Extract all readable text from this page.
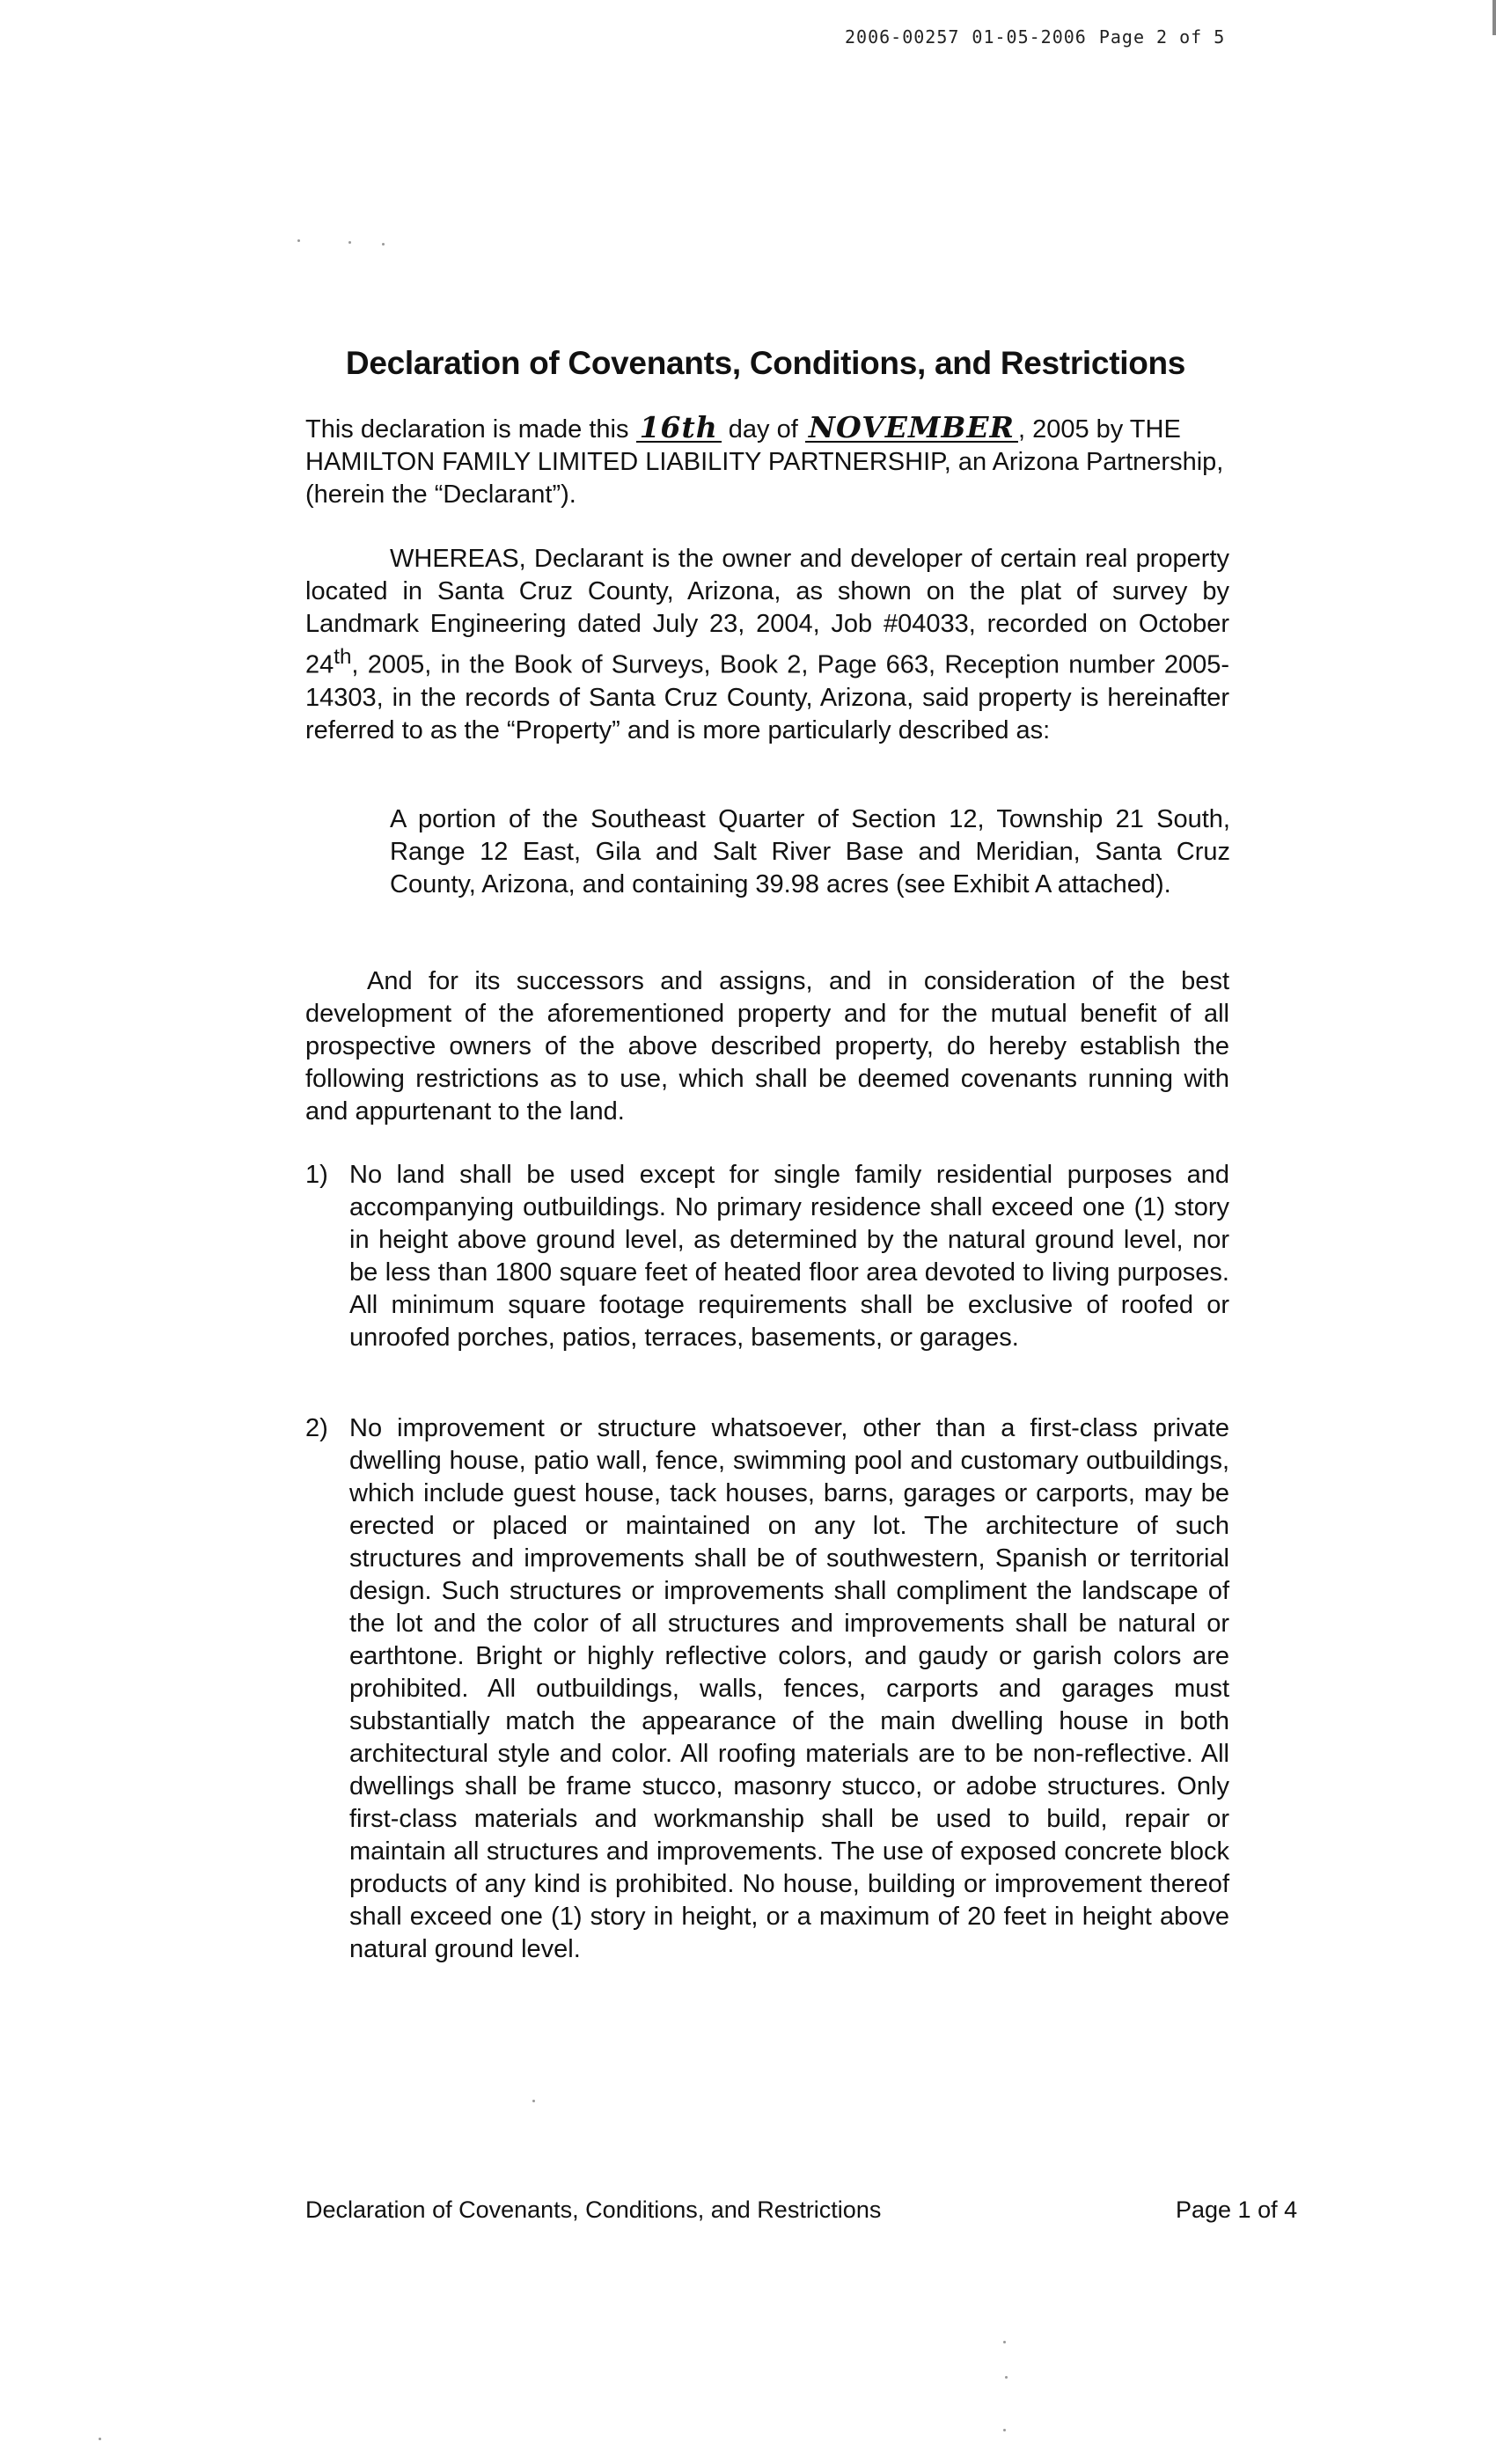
2006-00257 01-05-2006 Page 2 of 5
Declaration of Covenants, Conditions, and Restrictions

This declaration is made this 16th day of NOVEMBER , 2005 by THE HAMILTON FAMILY LIMITED LIABILITY PARTNERSHIP, an Arizona Partnership, (herein the “Declarant”).

WHEREAS, Declarant is the owner and developer of certain real property located in Santa Cruz County, Arizona, as shown on the plat of survey by Landmark Engineering dated July 23, 2004, Job #04033, recorded on October 24th, 2005, in the Book of Surveys, Book 2, Page 663, Reception number 2005-14303, in the records of Santa Cruz County, Arizona, said property is hereinafter referred to as the “Property” and is more particularly described as:

A portion of the Southeast Quarter of Section 12, Township 21 South, Range 12 East, Gila and Salt River Base and Meridian, Santa Cruz County, Arizona, and containing 39.98 acres (see Exhibit A attached).

And for its successors and assigns, and in consideration of the best development of the aforementioned property and for the mutual benefit of all prospective owners of the above described property, do hereby establish the following restrictions as to use, which shall be deemed covenants running with and appurtenant to the land.

1) No land shall be used except for single family residential purposes and accompanying outbuildings. No primary residence shall exceed one (1) story in height above ground level, as determined by the natural ground level, nor be less than 1800 square feet of heated floor area devoted to living purposes. All minimum square footage requirements shall be exclusive of roofed or unroofed porches, patios, terraces, basements, or garages.
2) No improvement or structure whatsoever, other than a first-class private dwelling house, patio wall, fence, swimming pool and customary outbuildings, which include guest house, tack houses, barns, garages or carports, may be erected or placed or maintained on any lot. The architecture of such structures and improvements shall be of southwestern, Spanish or territorial design. Such structures or improvements shall compliment the landscape of the lot and the color of all structures and improvements shall be natural or earthtone. Bright or highly reflective colors, and gaudy or garish colors are prohibited. All outbuildings, walls, fences, carports and garages must substantially match the appearance of the main dwelling house in both architectural style and color. All roofing materials are to be non-reflective. All dwellings shall be frame stucco, masonry stucco, or adobe structures. Only first-class materials and workmanship shall be used to build, repair or maintain all structures and improvements. The use of exposed concrete block products of any kind is prohibited. No house, building or improvement thereof shall exceed one (1) story in height, or a maximum of 20 feet in height above natural ground level.
Declaration of Covenants, Conditions, and Restrictions	Page 1 of 4
